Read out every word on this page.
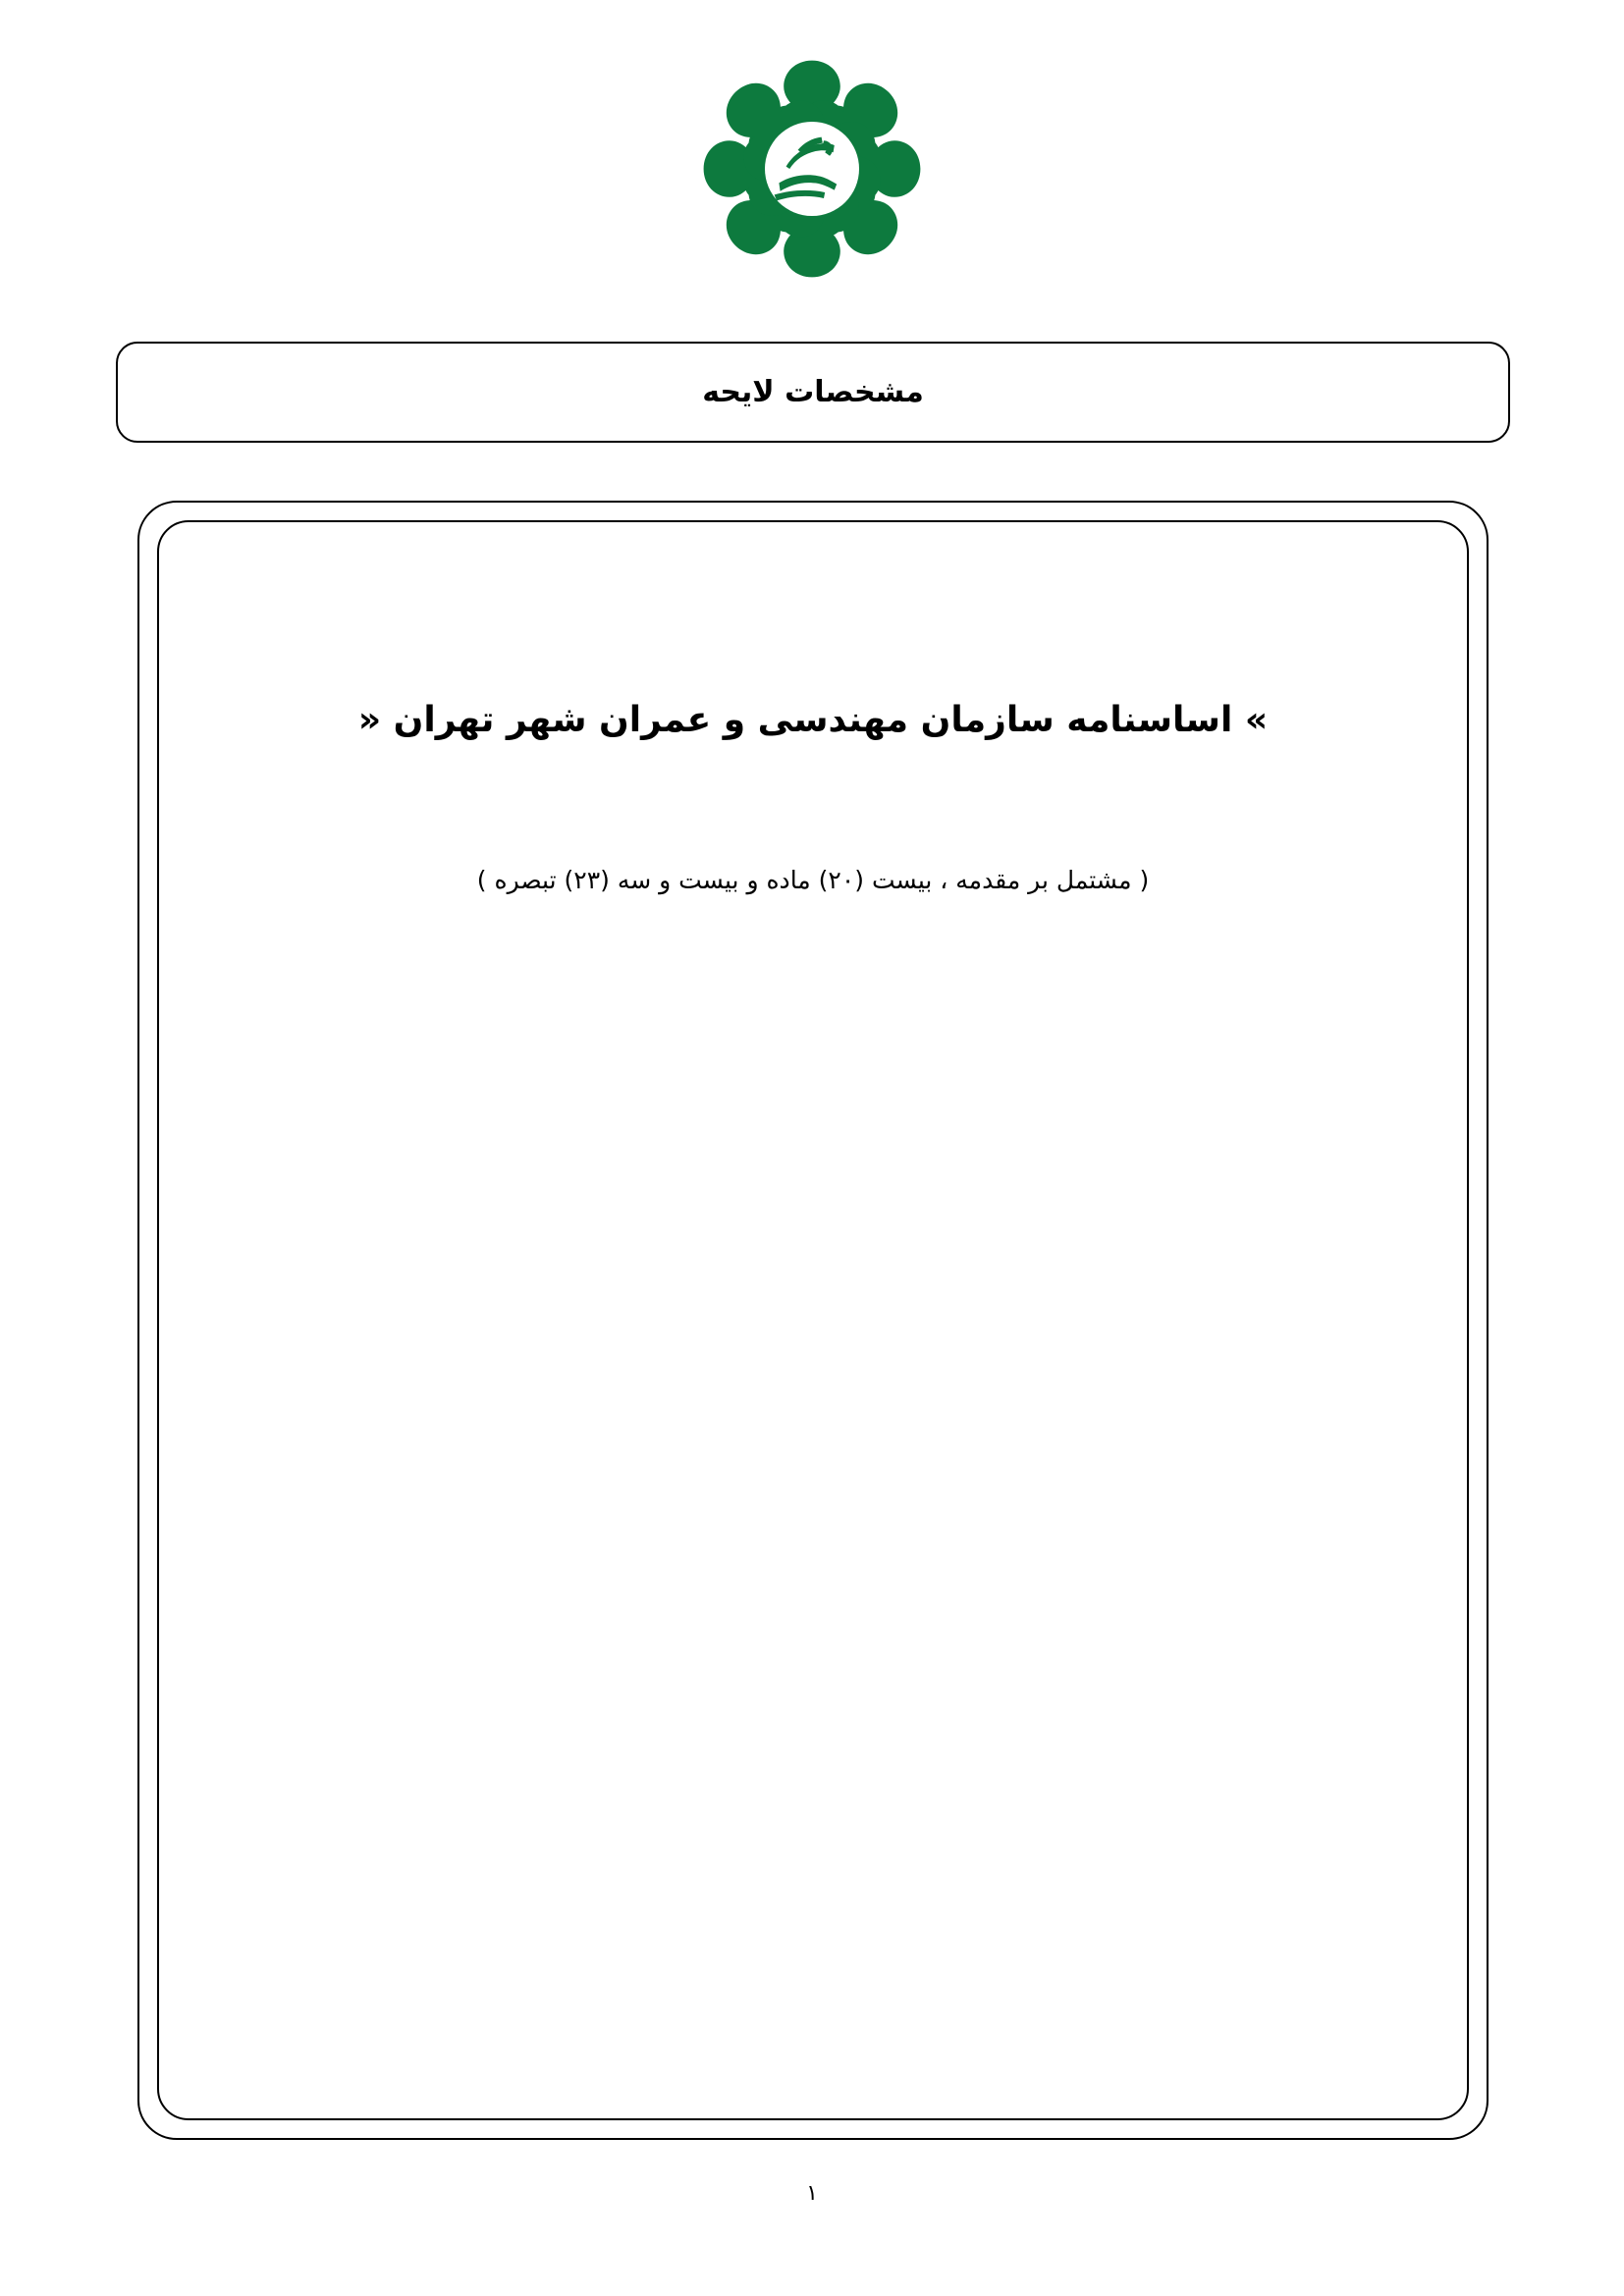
مشخصات لایحه
» اساسنامه سازمان مهندسی و عمران شهر تهران «
( مشتمل بر مقدمه ، بیست (۲۰) ماده و بیست و سه (۲۳) تبصره )
۱
